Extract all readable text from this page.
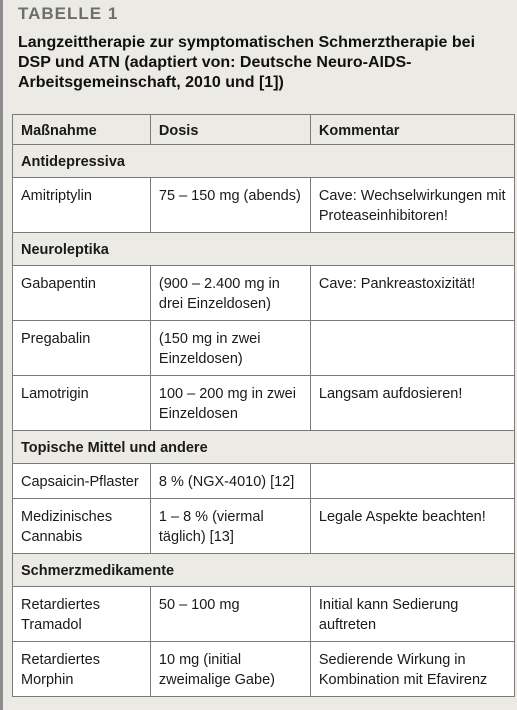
TABELLE 1
Langzeittherapie zur symptomatischen Schmerztherapie bei DSP und ATN (adaptiert von: Deutsche Neuro-AIDS-Arbeitsgemeinschaft, 2010 und [1])
Maßnahme	Dosis	Kommentar
Antidepressiva		
Amitriptylin	75 – 150 mg (abends)	Cave: Wechselwirkungen mit Proteaseinhibitoren!
Neuroleptika		
Gabapentin	(900 – 2.400 mg in drei Einzeldosen)	Cave: Pankreastoxizität!
Pregabalin	(150 mg in zwei Einzeldosen)	
Lamotrigin	100 – 200 mg in zwei Einzeldosen	Langsam aufdosieren!
Topische Mittel und andere		
Capsaicin-Pflaster	8 % (NGX-4010) [12]	
Medizinisches Cannabis	1 – 8 % (viermal täglich) [13]	Legale Aspekte beachten!
Schmerzmedikamente		
Retardiertes Tramadol	50 – 100 mg	Initial kann Sedierung auftreten
Retardiertes Morphin	10 mg (initial zweimalige Gabe)	Sedierende Wirkung in Kombination mit Efavirenz
